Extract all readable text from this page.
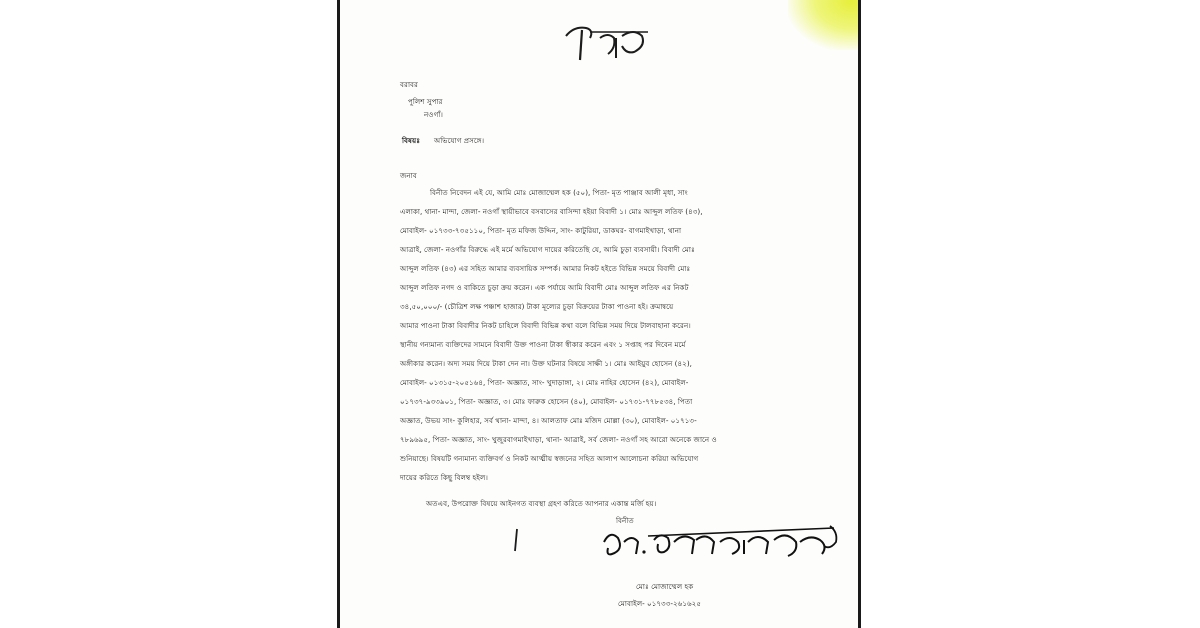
বরাবর
পুলিশ সুপার
নওগাঁ।
বিষয়ঃ অভিযোগ প্রসঙ্গে।
জনাব
বিনীত নিবেদন এই যে, আমি মোঃ মোজাম্মেল হক (৫০), পিতা- মৃত পাঞ্জাব আলী মৃধা, সাং
এলাকা, থানা- মান্দা, জেলা- নওগাঁ স্থায়ীভাবে বসবাসের বাসিন্দা হইয়া বিবাদী ১। মোঃ আব্দুল লতিফ (৪৩),
মোবাইল- ০১৭৩৩-৭৩৫১১০, পিতা- মৃত মফিজ উদ্দিন, সাং- কাটুরিয়া, ডাকঘর- বাগমাইখাড়া, থানা
আত্রাই, জেলা- নওগাঁর বিরুদ্ধে এই মর্মে অভিযোগ দায়ের করিতেছি যে, আমি চুড়া ব্যবসায়ী। বিবাদী মোঃ
আব্দুল লতিফ (৪৩) এর সহিত আমার ব্যবসায়িক সম্পর্ক। আমার নিকট হইতে বিভিন্ন সময়ে বিবাদী মোঃ
আব্দুল লতিফ নগদ ও বাকিতে চুড়া ক্রয় করেন। এক পর্যায়ে আমি বিবাদী মোঃ আব্দুল লতিফ এর নিকট
৩৪,৫০,০০০/- (চৌত্রিশ লক্ষ পঞ্চাশ হাজার) টাকা মূল্যের চুড়া বিক্রয়ের টাকা পাওনা হই। ক্রমান্বয়ে
আমার পাওনা টাকা বিবাদীর নিকট চাহিলে বিবাদী বিভিন্ন কথা বলে বিভিন্ন সময় দিয়ে টালবাহানা করেন।
স্থানীয় গন্যমান্য ব্যক্তিদের সামনে বিবাদী উক্ত পাওনা টাকা স্বীকার করেন এবং ১ সপ্তাহ পর দিবেন মর্মে
অঙ্গীকার করেন। অদ্য সময় দিয়ে টাকা দেন না। উক্ত ঘটনার বিষয়ে সাক্ষী ১। মোঃ আইয়ুব হোসেন (৪২),
মোবাইল- ০১৩১৫-২০৫১৬৪, পিতা- অজ্ঞাত, সাং- খুদাড়াঙ্গা, ২। মোঃ নাহির হোসেন (৪২), মোবাইল-
০১৭৩৭-৯৩৩৯০১, পিতা- অজ্ঞাত, ৩। মোঃ ফারুক হোসেন (৪০), মোবাইল- ০১৭৩১-৭৭৮৫৩৪, পিতা
অজ্ঞাত, উভয় সাং- কুলিহার, সর্ব থানা- মান্দা, ৪। আলতাফ মোঃ মজিদ মোল্লা (৩০), মোবাইল- ০১৭১৩-
৭৮৯৬৯৫, পিতা- অজ্ঞাত, সাং- খুজুরবাগমাইখাড়া, থানা- আত্রাই, সর্ব জেলা- নওগাঁ সহ আরো অনেকে জানে ও
শুনিয়াছে। বিষয়টি গন্যমান্য ব্যক্তিবর্গ ও নিকট আত্মীয় স্বজনের সহিত আলাপ আলোচনা করিয়া অভিযোগ
দায়ের করিতে কিছু বিলম্ব হইল।
অতএব, উপরোক্ত বিষয়ে আইনগত ব্যবস্থা গ্রহণ করিতে আপনার একান্ত মর্জি হয়।
বিনীত
মোঃ মোজাম্মেল হক
মোবাইল- ০১৭৩৩-২৬১৬২৫
